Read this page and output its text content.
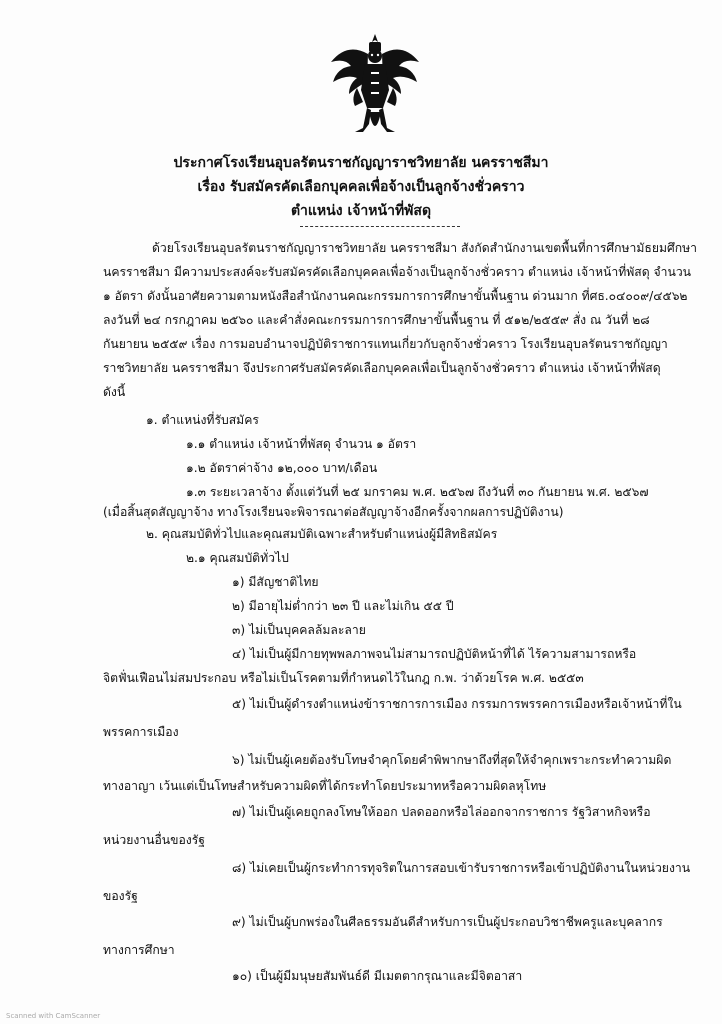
ประกาศโรงเรียนอุบลรัตนราชกัญญาราชวิทยาลัย นครราชสีมา
เรื่อง รับสมัครคัดเลือกบุคคลเพื่อจ้างเป็นลูกจ้างชั่วคราว
ตำแหน่ง เจ้าหน้าที่พัสดุ
ด้วยโรงเรียนอุบลรัตนราชกัญญาราชวิทยาลัย นครราชสีมา สังกัดสำนักงานเขตพื้นที่การศึกษามัธยมศึกษา
นครราชสีมา มีความประสงค์จะรับสมัครคัดเลือกบุคคลเพื่อจ้างเป็นลูกจ้างชั่วคราว ตำแหน่ง เจ้าหน้าที่พัสดุ จำนวน
๑ อัตรา ดังนั้นอาศัยความตามหนังสือสำนักงานคณะกรรมการการศึกษาขั้นพื้นฐาน ด่วนมาก ที่ศธ.๐๔๐๐๙/๔๕๖๒
ลงวันที่ ๒๔ กรกฎาคม ๒๕๖๐ และคำสั่งคณะกรรมการการศึกษาขั้นพื้นฐาน ที่ ๕๑๒/๒๕๕๙ สั่ง ณ วันที่ ๒๘
กันยายน ๒๕๕๙ เรื่อง การมอบอำนาจปฏิบัติราชการแทนเกี่ยวกับลูกจ้างชั่วคราว โรงเรียนอุบลรัตนราชกัญญา
ราชวิทยาลัย นครราชสีมา จึงประกาศรับสมัครคัดเลือกบุคคลเพื่อเป็นลูกจ้างชั่วคราว ตำแหน่ง เจ้าหน้าที่พัสดุ
ดังนี้
๑. ตำแหน่งที่รับสมัคร
๑.๑ ตำแหน่ง เจ้าหน้าที่พัสดุ จำนวน ๑ อัตรา
๑.๒ อัตราค่าจ้าง ๑๒,๐๐๐ บาท/เดือน
๑.๓ ระยะเวลาจ้าง ตั้งแต่วันที่ ๒๕ มกราคม พ.ศ. ๒๕๖๗ ถึงวันที่ ๓๐ กันยายน พ.ศ. ๒๕๖๗
(เมื่อสิ้นสุดสัญญาจ้าง ทางโรงเรียนจะพิจารณาต่อสัญญาจ้างอีกครั้งจากผลการปฏิบัติงาน)
๒. คุณสมบัติทั่วไปและคุณสมบัติเฉพาะสำหรับตำแหน่งผู้มีสิทธิสมัคร
๒.๑ คุณสมบัติทั่วไป
๑) มีสัญชาติไทย
๒) มีอายุไม่ต่ำกว่า ๒๓ ปี และไม่เกิน ๕๕ ปี
๓) ไม่เป็นบุคคลล้มละลาย
๔) ไม่เป็นผู้มีกายทุพพลภาพจนไม่สามารถปฏิบัติหน้าที่ได้ ไร้ความสามารถหรือ
จิตฟั่นเฟือนไม่สมประกอบ หรือไม่เป็นโรคตามที่กำหนดไว้ในกฎ ก.พ. ว่าด้วยโรค พ.ศ. ๒๕๕๓
๕) ไม่เป็นผู้ดำรงตำแหน่งข้าราชการการเมือง กรรมการพรรคการเมืองหรือเจ้าหน้าที่ใน
พรรคการเมือง
๖) ไม่เป็นผู้เคยต้องรับโทษจำคุกโดยคำพิพากษาถึงที่สุดให้จำคุกเพราะกระทำความผิด
ทางอาญา เว้นแต่เป็นโทษสำหรับความผิดที่ได้กระทำโดยประมาทหรือความผิดลหุโทษ
๗) ไม่เป็นผู้เคยถูกลงโทษให้ออก ปลดออกหรือไล่ออกจากราชการ รัฐวิสาหกิจหรือ
หน่วยงานอื่นของรัฐ
๘) ไม่เคยเป็นผู้กระทำการทุจริตในการสอบเข้ารับราชการหรือเข้าปฏิบัติงานในหน่วยงาน
ของรัฐ
๙) ไม่เป็นผู้บกพร่องในศีลธรรมอันดีสำหรับการเป็นผู้ประกอบวิชาชีพครูและบุคลากร
ทางการศึกษา
๑๐) เป็นผู้มีมนุษยสัมพันธ์ดี มีเมตตากรุณาและมีจิตอาสา
Scanned with CamScanner
